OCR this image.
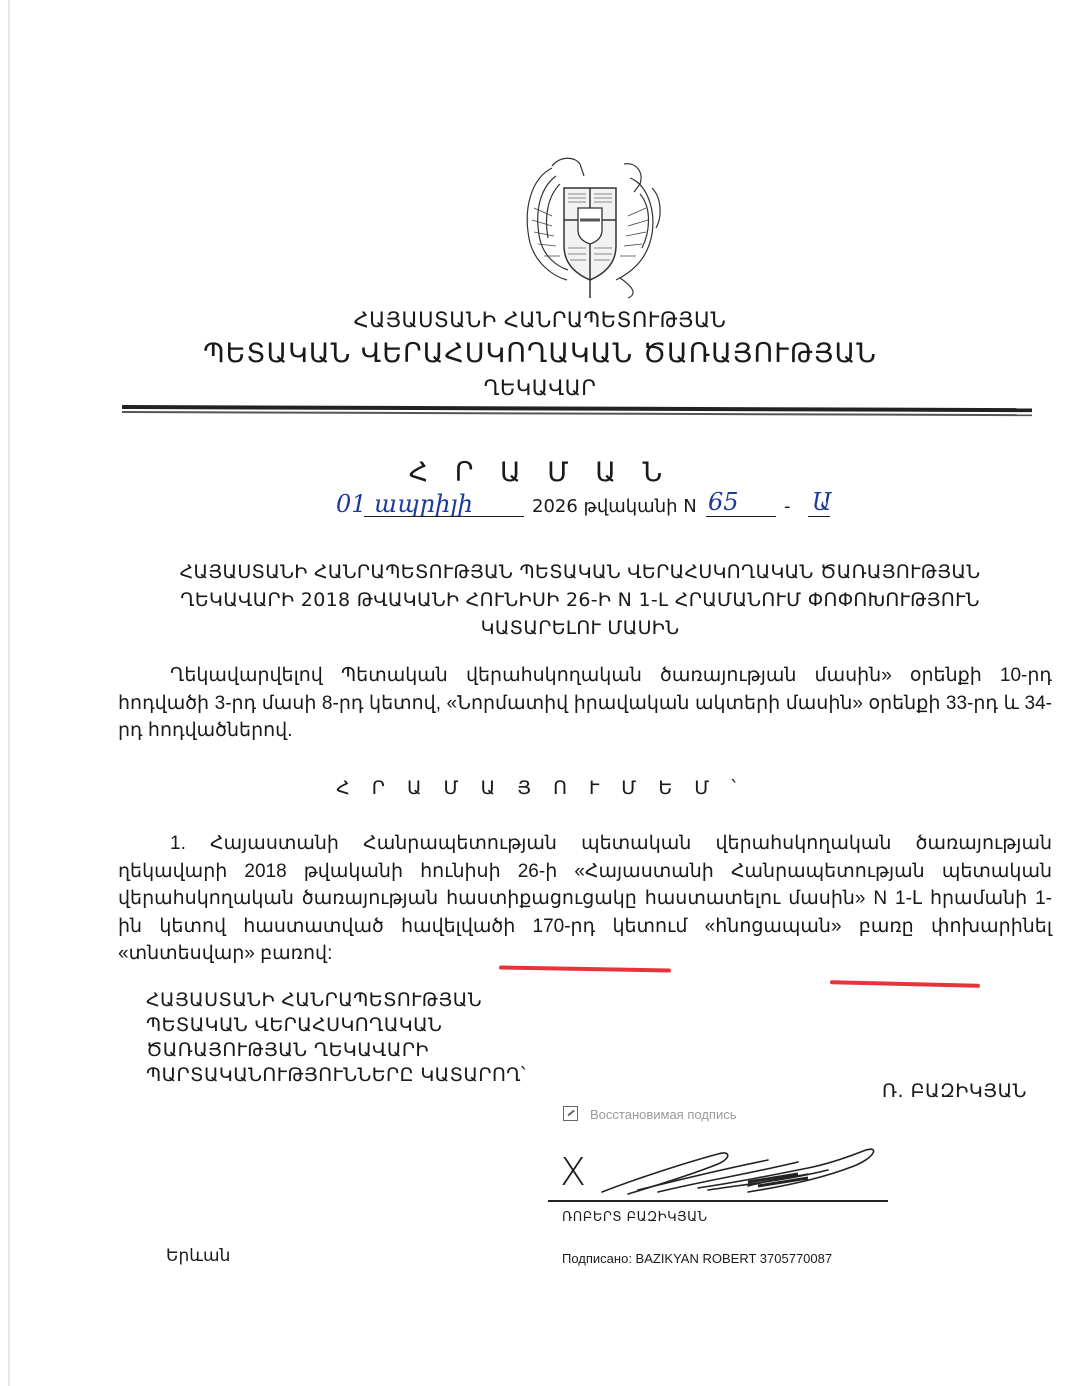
ՀԱՅԱՍՏԱՆԻ ՀԱՆՐԱՊԵՏՈՒԹՅԱՆ
ՊԵՏԱԿԱՆ ՎԵՐԱՀՍԿՈՂԱԿԱՆ ԾԱՌԱՅՈՒԹՅԱՆ
ՂԵԿԱՎԱՐ
Հ Ր Ա Մ Ա Ն
01 ապրիլի	2026 թվականի N 65	- Ա
ՀԱՅԱՍՏԱՆԻ ՀԱՆՐԱՊԵՏՈՒԹՅԱՆ ՊԵՏԱԿԱՆ ՎԵՐԱՀՍԿՈՂԱԿԱՆ ԾԱՌԱՅՈՒԹՅԱՆ
ՂԵԿԱՎԱՐԻ 2018 ԹՎԱԿԱՆԻ ՀՈՒՆԻՍԻ 26-Ի N 1-Լ ՀՐԱՄԱՆՈՒՄ ՓՈՓՈԽՈՒԹՅՈՒՆ
ԿԱՏԱՐԵԼՈՒ ՄԱՍԻՆ
Ղեկավարվելով Պետական վերահսկողական ծառայության մասին» օրենքի 10-րդ հոդվածի 3-րդ մասի 8-րդ կետով, «Նորմատիվ իրավական ակտերի մասին» օրենքի 33-րդ և 34-րդ հոդվածներով.
Հ Ր Ա Մ Ա Յ Ո Ւ Մ Ե Մ ՝
1. Հայաստանի Հանրապետության պետական վերահսկողական ծառայության ղեկավարի 2018 թվականի հունիսի 26-ի «Հայաստանի Հանրապետության պետական վերահսկողական ծառայության հաստիքացուցակը հաստատելու մասին» N 1-Լ հրամանի 1-ին կետով հաստատված հավելվածի 170-րդ կետում «հնոցապան» բառը փոխարինել «տնտեսվար» բառով:
ՀԱՅԱՍՏԱՆԻ ՀԱՆՐԱՊԵՏՈՒԹՅԱՆ
ՊԵՏԱԿԱՆ ՎԵՐԱՀՍԿՈՂԱԿԱՆ
ԾԱՌԱՅՈՒԹՅԱՆ ՂԵԿԱՎԱՐԻ
ՊԱՐՏԱԿԱՆՈՒԹՅՈՒՆՆԵՐԸ ԿԱՏԱՐՈՂ՝
Ռ. ԲԱԶԻԿՅԱՆ
Восстановимая подпись
X
ՌՈԲԵՐՏ ԲԱԶԻԿՅԱՆ
Երևան	Подписано: BAZIKYAN ROBERT 3705770087
